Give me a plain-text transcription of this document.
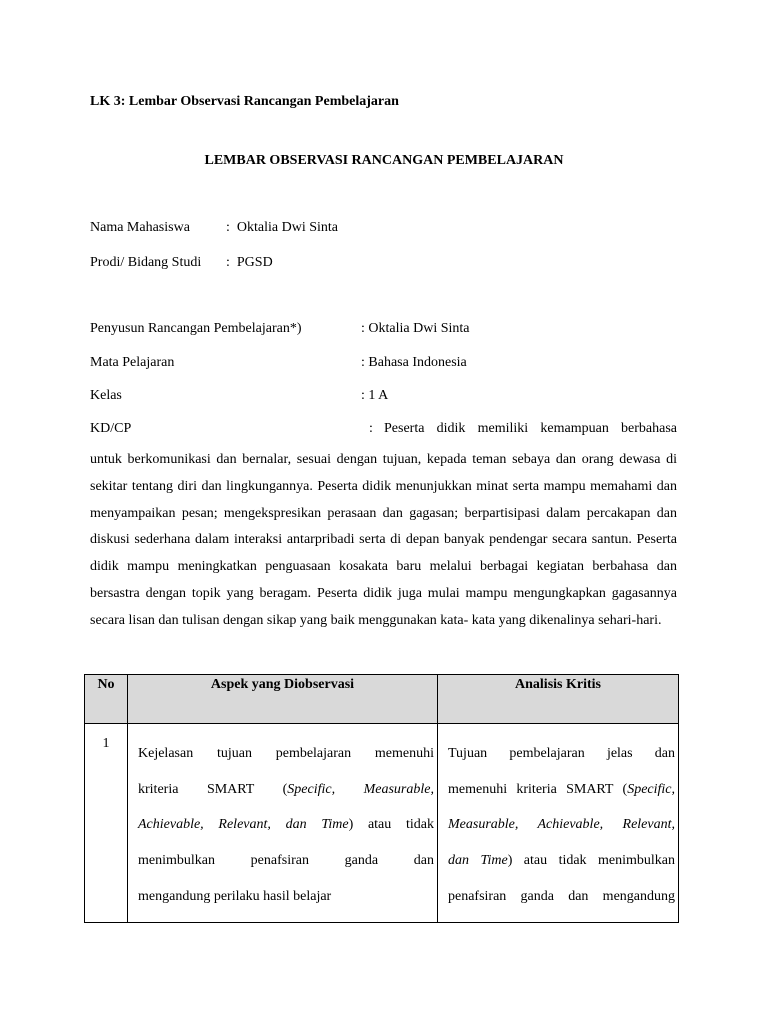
LK 3: Lembar Observasi Rancangan Pembelajaran
LEMBAR OBSERVASI RANCANGAN PEMBELAJARAN
Nama Mahasiswa	:  Oktalia Dwi Sinta
Prodi/ Bidang Studi :  PGSD
Penyusun Rancangan Pembelajaran*)	: Oktalia Dwi Sinta
Mata Pelajaran	: Bahasa Indonesia
Kelas	: 1 A
KD/CP	: Peserta didik memiliki kemampuan berbahasa

untuk berkomunikasi dan bernalar, sesuai dengan tujuan, kepada teman sebaya dan orang dewasa di sekitar tentang diri dan lingkungannya. Peserta didik menunjukkan minat serta mampu memahami dan menyampaikan pesan; mengekspresikan perasaan dan gagasan; berpartisipasi dalam percakapan dan diskusi sederhana dalam interaksi antarpribadi serta di depan banyak pendengar secara santun. Peserta didik mampu meningkatkan penguasaan kosakata baru melalui berbagai kegiatan berbahasa dan bersastra dengan topik yang beragam. Peserta didik juga mulai mampu mengungkapkan gagasannya secara lisan dan tulisan dengan sikap yang baik menggunakan kata- kata yang dikenalinya sehari-hari.

No	Aspek yang Diobservasi	Analisis Kritis
1	Kejelasan tujuan pembelajaran memenuhi
kriteria SMART (Specific, Measurable,
Achievable, Relevant, dan Time) atau tidak
menimbulkan penafsiran ganda dan
mengandung perilaku hasil belajar	Tujuan pembelajaran jelas dan
memenuhi kriteria SMART (Specific,
Measurable, Achievable, Relevant,
dan Time) atau tidak menimbulkan
penafsiran ganda dan mengandung
